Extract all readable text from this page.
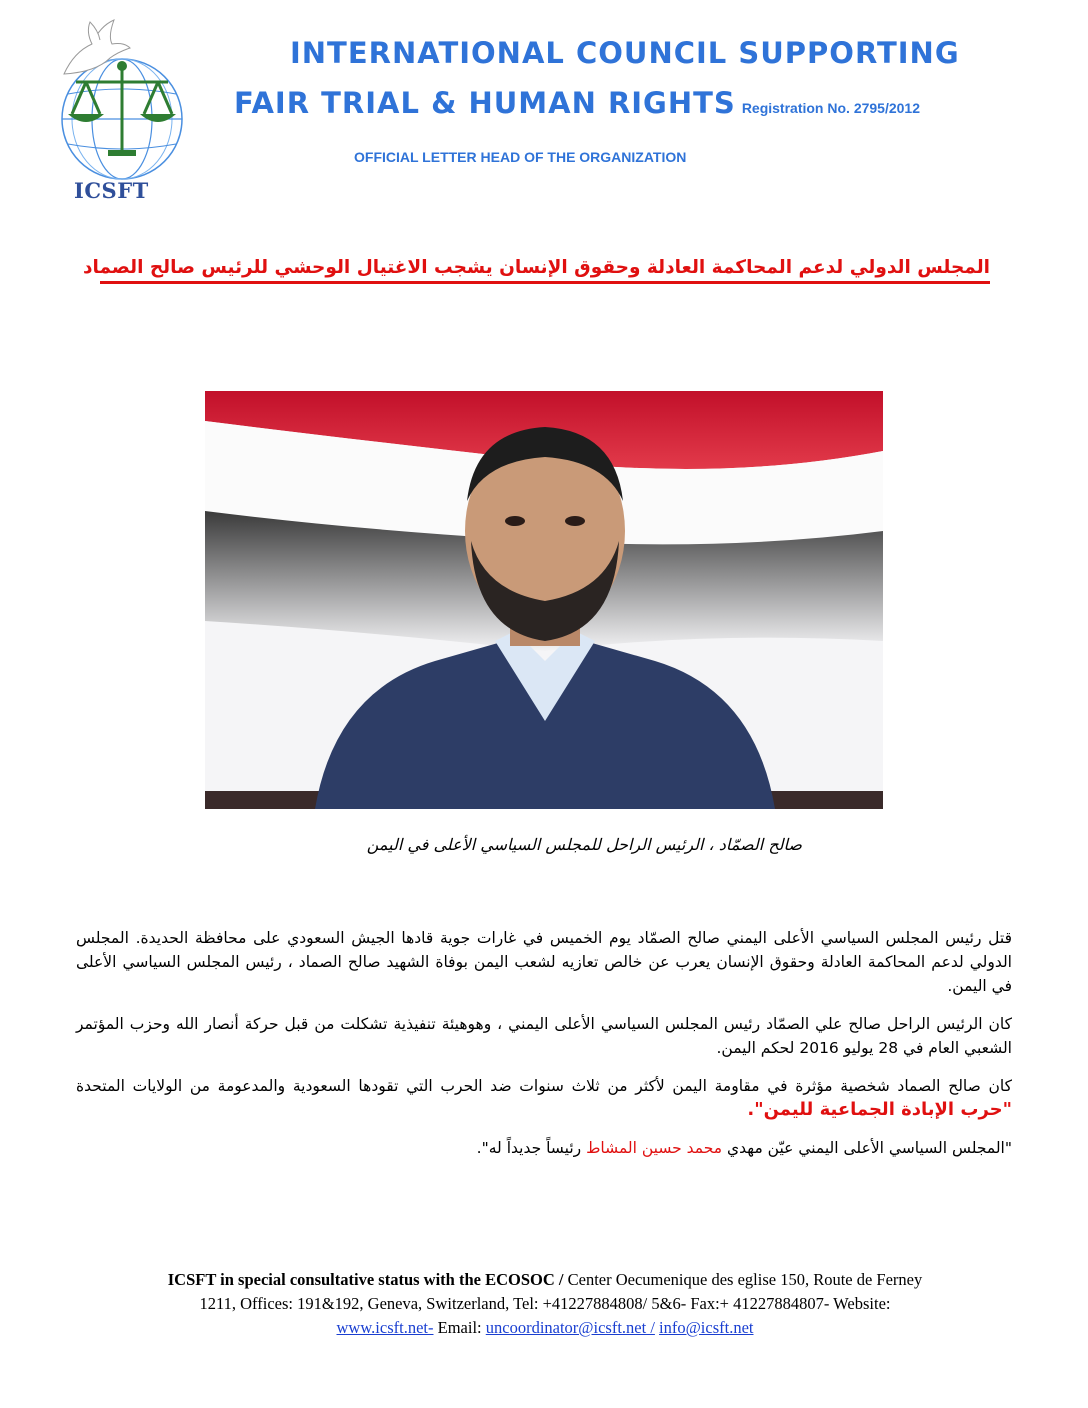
ICSFT
INTERNATIONAL COUNCIL SUPPORTING
FAIR TRIAL & HUMAN RIGHTS Registration No. 2795/2012
OFFICIAL LETTER HEAD OF THE ORGANIZATION
المجلس الدولي لدعم المحاكمة العادلة وحقوق الإنسان يشجب الاغتيال الوحشي للرئيس صالح الصماد
صالح الصمّاد ، الرئيس الراحل للمجلس السياسي الأعلى في اليمن

قتل رئيس المجلس السياسي الأعلى اليمني صالح الصمّاد يوم الخميس في غارات جوية قادها الجيش السعودي على محافظة الحديدة. المجلس الدولي لدعم المحاكمة العادلة وحقوق الإنسان يعرب عن خالص تعازيه لشعب اليمن بوفاة الشهيد صالح الصماد ، رئيس المجلس السياسي الأعلى في اليمن.

كان الرئيس الراحل صالح علي الصمّاد رئيس المجلس السياسي الأعلى اليمني ، وهوهيئة تنفيذية تشكلت من قبل حركة أنصار الله وحزب المؤتمر الشعبي العام في 28 يوليو 2016 لحكم اليمن.

كان صالح الصماد شخصية مؤثرة في مقاومة اليمن لأكثر من ثلاث سنوات ضد الحرب التي تقودها السعودية والمدعومة من الولايات المتحدة "حرب الإبادة الجماعية لليمن".

"المجلس السياسي الأعلى اليمني عيّن مهدي محمد حسين المشاط رئيساً جديداً له".

ICSFT in special consultative status with the ECOSOC / Center Oecumenique des eglise 150, Route de Ferney
1211, Offices: 191&192, Geneva, Switzerland, Tel: +41227884808/ 5&6- Fax:+ 41227884807- Website:
www.icsft.net- Email: uncoordinator@icsft.net / info@icsft.net
